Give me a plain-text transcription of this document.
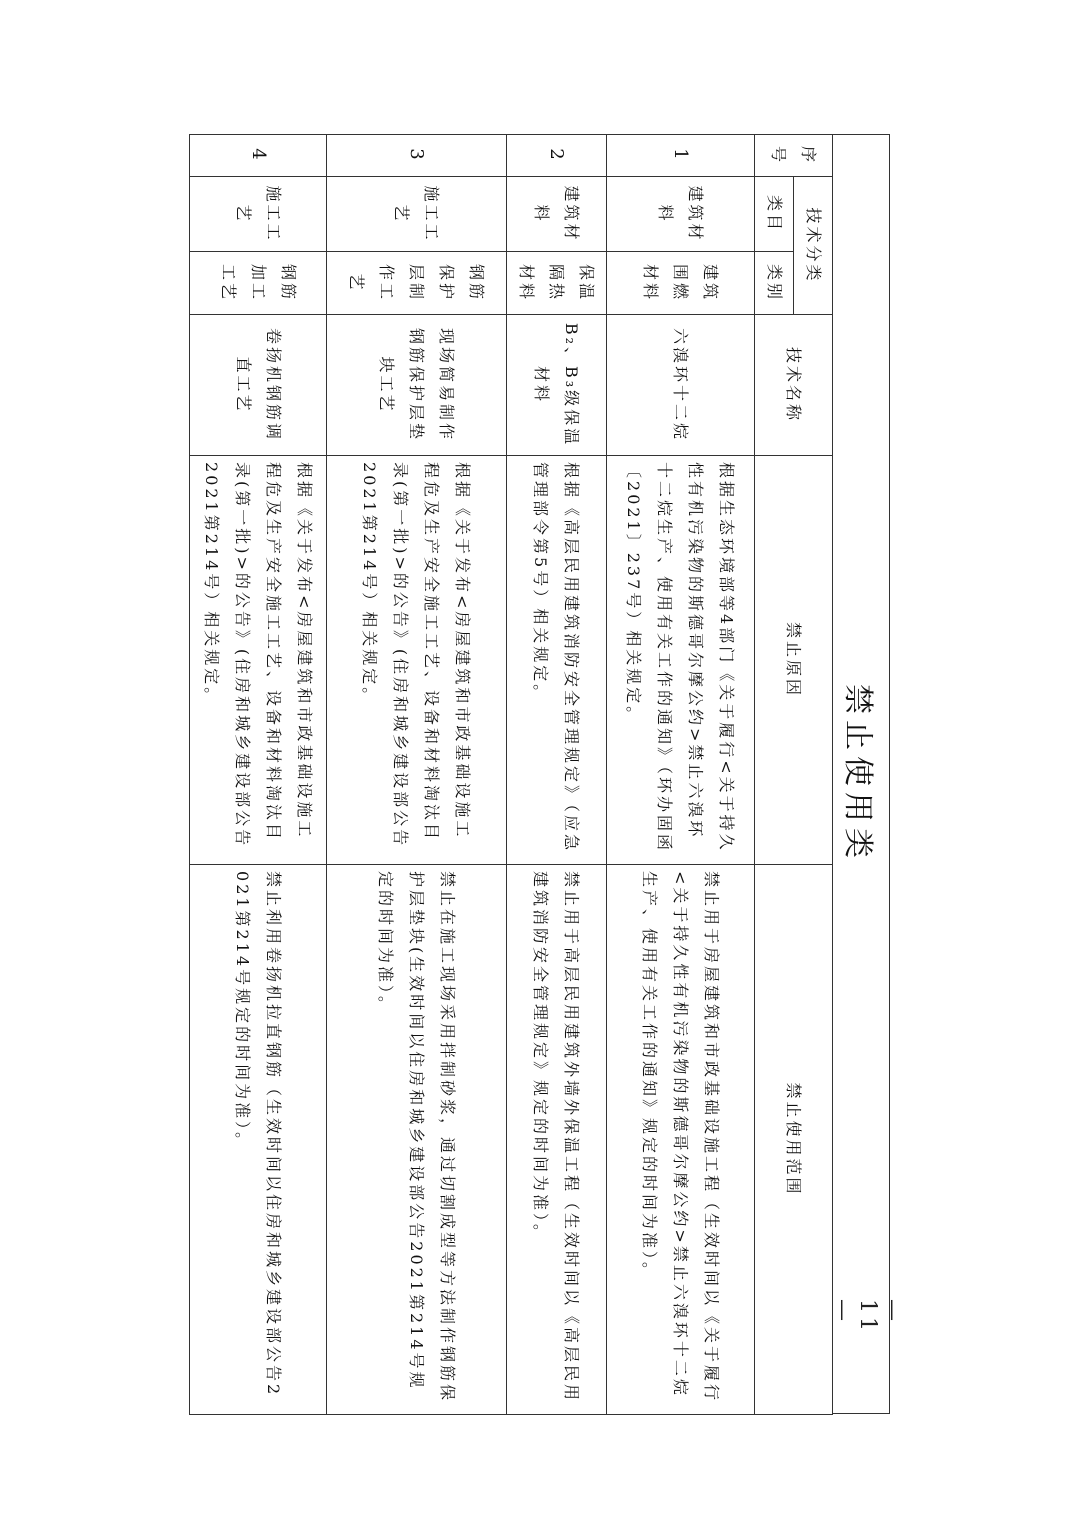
禁止使用类
序号	技术分类		技术名称	禁止原因	禁止使用范围
	类目	类别			
1	建筑材料	建筑围燃材料	六溴环十二烷	根据生态环境部等4部门《关于履行<关于持久性有机污染物的斯德哥尔摩公约>禁止六溴环十二烷生产、使用有关工作的通知》（环办固函〔2021〕237号）相关规定。	禁止用于房屋建筑和市政基础设施工程（生效时间以《关于履行<关于持久性有机污染物的斯德哥尔摩公约>禁止六溴环十二烷生产、使用有关工作的通知》规定的时间为准）。
2	建筑材料	保温隔热材料	B₂、B₃级保温材料	根据《高层民用建筑消防安全管理规定》（应急管理部令第5号）相关规定。	禁止用于高层民用建筑外墙外保温工程（生效时间以《高层民用建筑消防安全管理规定》规定的时间为准）。
3	施工工艺	钢筋保护层制作工艺	现场简易制作钢筋保护层垫块工艺	根据《关于发布<房屋建筑和市政基础设施工程危及生产安全施工工艺、设备和材料淘汰目录(第一批)>的公告》(住房和城乡建设部公告2021第214号）相关规定。	禁止在施工现场采用拌制砂浆，通过切割成型等方法制作钢筋保护层垫块(生效时间以住房和城乡建设部公告2021第214号规定的时间为准）。
4	施工工艺	钢筋加工工艺	卷扬机钢筋调直工艺	根据《关于发布<房屋建筑和市政基础设施工程危及生产安全施工工艺、设备和材料淘汰目录(第一批)>的公告》(住房和城乡建设部公告2021第214号）相关规定。	禁止利用卷扬机拉直钢筋（生效时间以住房和城乡建设部公告2021第214号规定的时间为准）。
— 11 —
